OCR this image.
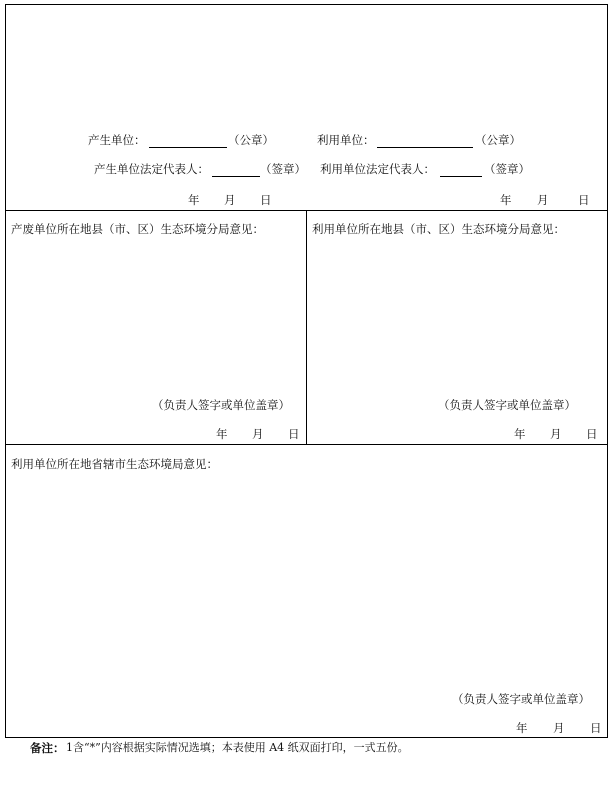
产生单位：	（公章）	利用单位：	（公章）
产生单位法定代表人：	（签章） 利用单位法定代表人：	（签章）
年 月 日	年 月	日
产废单位所在地县（市、区）生态环境分局意见：
（负责人签字或单位盖章）
年 月 日
利用单位所在地县（市、区）生态环境分局意见：
（负责人签字或单位盖章）
年 月 日
利用单位所在地省辖市生态环境局意见：
（负责人签字或单位盖章）
年 月 日
备注： 1含“*”内容根据实际情况选填；本表使用 A4 纸双面打印，一式五份。
